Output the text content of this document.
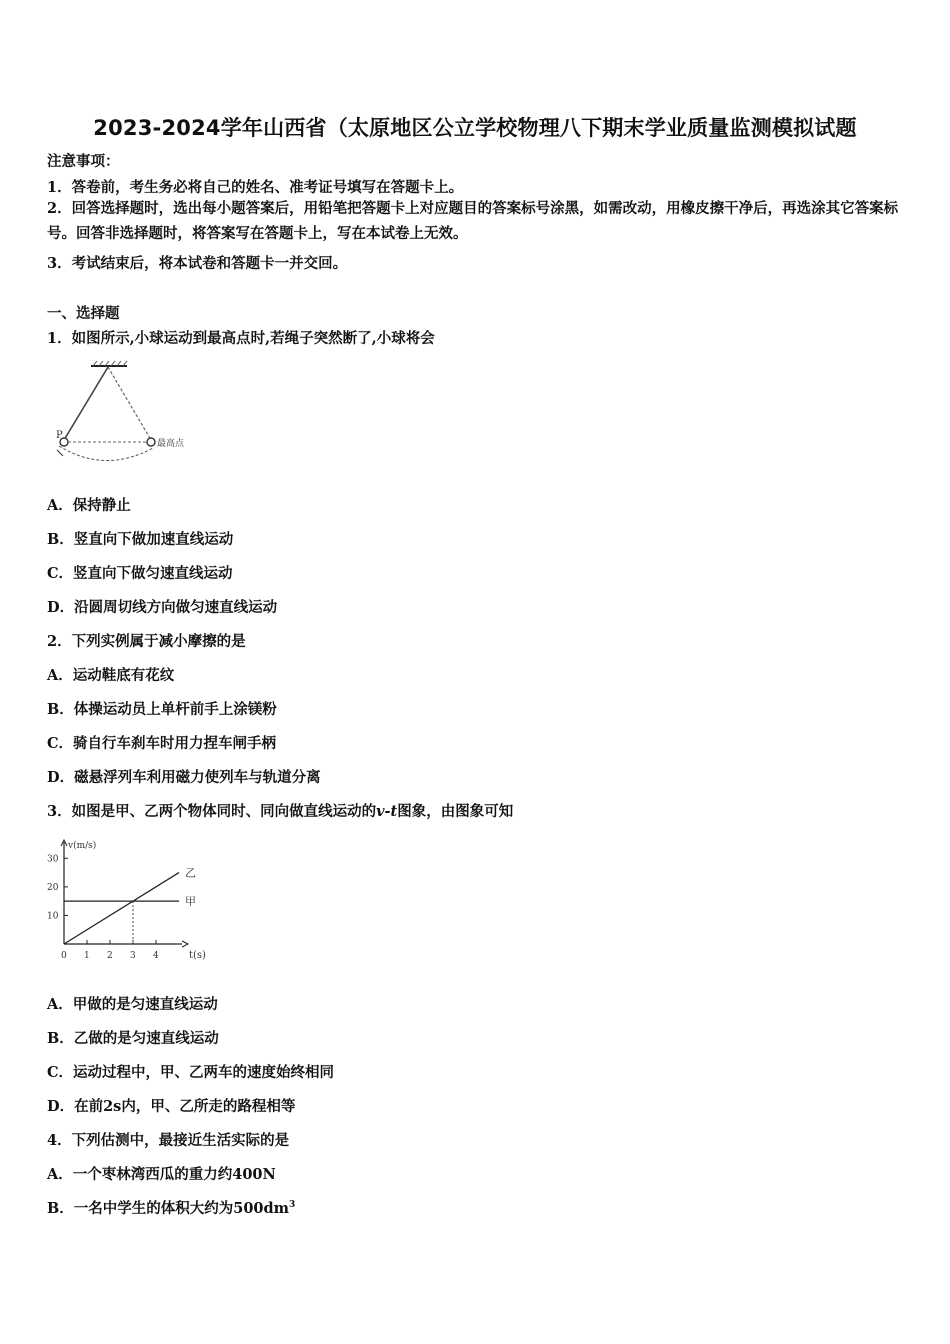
2023-2024学年山西省（太原地区公立学校物理八下期末学业质量监测模拟试题
注意事项：
1．答卷前，考生务必将自己的姓名、准考证号填写在答题卡上。
2．回答选择题时，选出每小题答案后，用铅笔把答题卡上对应题目的答案标号涂黑，如需改动，用橡皮擦干净后，再选涂其它答案标号。回答非选择题时，将答案写在答题卡上，写在本试卷上无效。
3．考试结束后，将本试卷和答题卡一并交回。
一、选择题
1．如图所示,小球运动到最高点时,若绳子突然断了,小球将会
P
最高点
A．保持静止
B．竖直向下做加速直线运动
C．竖直向下做匀速直线运动
D．沿圆周切线方向做匀速直线运动
2．下列实例属于减小摩擦的是
A．运动鞋底有花纹
B．体操运动员上单杆前手上涂镁粉
C．骑自行车刹车时用力捏车闸手柄
D．磁悬浮列车利用磁力使列车与轨道分离
3．如图是甲、乙两个物体同时、同向做直线运动的v-t图象，由图象可知
v(m/s)
t(s)
0 1 2 3 4
10
20
30
甲
乙
A．甲做的是匀速直线运动
B．乙做的是匀速直线运动
C．运动过程中，甲、乙两车的速度始终相同
D．在前2s内，甲、乙所走的路程相等
4．下列估测中，最接近生活实际的是
A．一个枣林湾西瓜的重力约400N
B．一名中学生的体积大约为$500dm^3$
